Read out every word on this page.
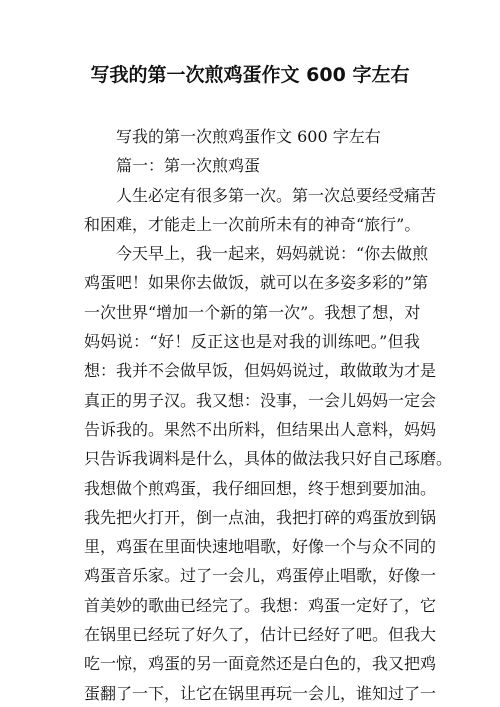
写我的第一次煎鸡蛋作文 600 字左右
写我的第一次煎鸡蛋作文 600 字左右
篇一：第一次煎鸡蛋
人生必定有很多第一次。第一次总要经受痛苦
和困难，才能走上一次前所未有的神奇“旅行”。
今天早上，我一起来，妈妈就说：“你去做煎
鸡蛋吧！如果你去做饭，就可以在多姿多彩的”第
一次世界“增加一个新的第一次”。我想了想，对
妈妈说：“好！反正这也是对我的训练吧。”但我
想：我并不会做早饭，但妈妈说过，敢做敢为才是
真正的男子汉。我又想：没事，一会儿妈妈一定会
告诉我的。果然不出所料，但结果出人意料，妈妈
只告诉我调料是什么，具体的做法我只好自己琢磨。
我想做个煎鸡蛋，我仔细回想，终于想到要加油。
我先把火打开，倒一点油，我把打碎的鸡蛋放到锅
里，鸡蛋在里面快速地唱歌，好像一个与众不同的
鸡蛋音乐家。过了一会儿，鸡蛋停止唱歌，好像一
首美妙的歌曲已经完了。我想：鸡蛋一定好了，它
在锅里已经玩了好久了，估计已经好了吧。但我大
吃一惊，鸡蛋的另一面竟然还是白色的，我又把鸡
蛋翻了一下，让它在锅里再玩一会儿，谁知过了一
